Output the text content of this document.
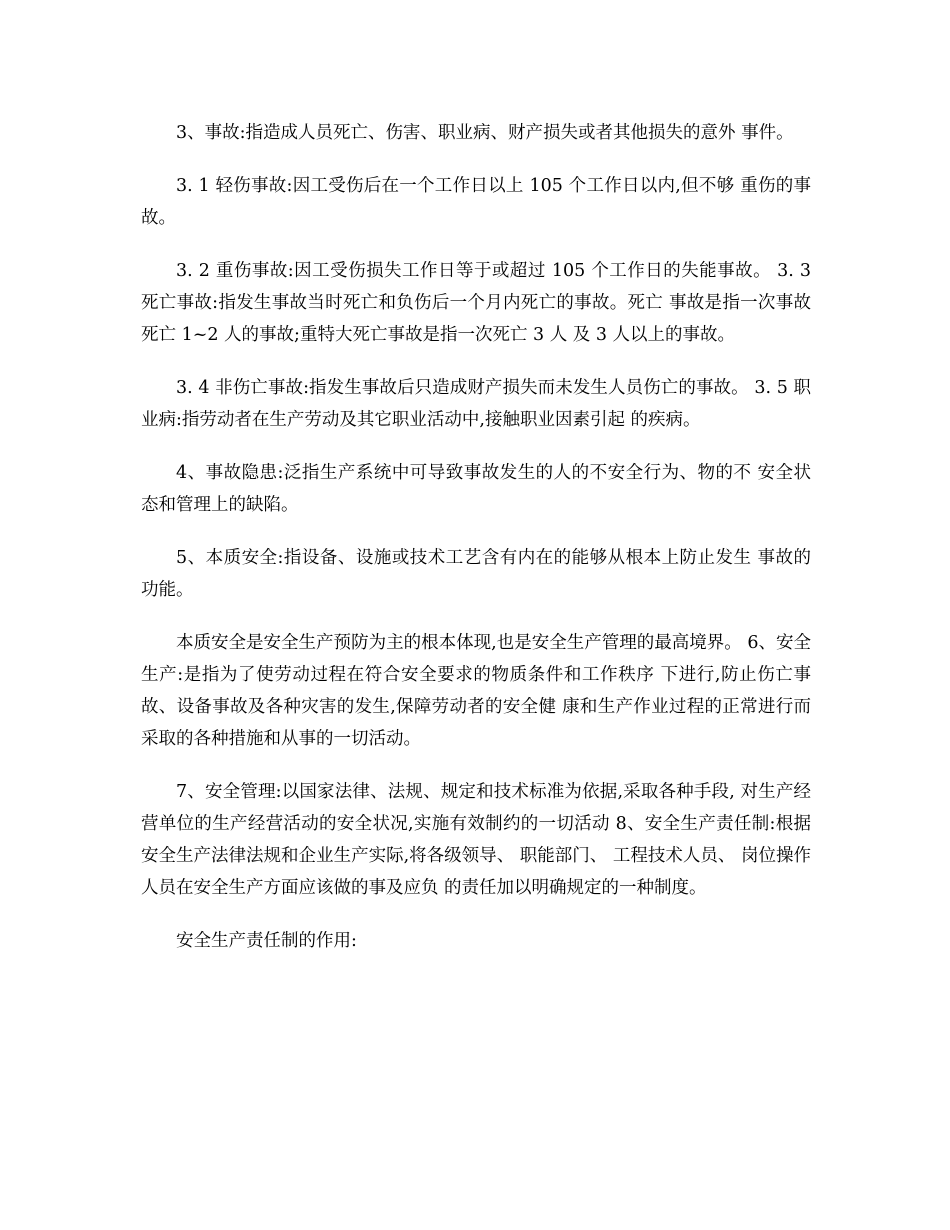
3、事故:指造成人员死亡、伤害、职业病、财产损失或者其他损失的意外 事件。

3. 1 轻伤事故:因工受伤后在一个工作日以上 105 个工作日以内,但不够 重伤的事故。

3. 2 重伤事故:因工受伤损失工作日等于或超过 105 个工作日的失能事故。 3. 3 死亡事故:指发生事故当时死亡和负伤后一个月内死亡的事故。死亡 事故是指一次事故死亡 1~2 人的事故;重特大死亡事故是指一次死亡 3 人 及 3 人以上的事故。

3. 4 非伤亡事故:指发生事故后只造成财产损失而未发生人员伤亡的事故。 3. 5 职业病:指劳动者在生产劳动及其它职业活动中,接触职业因素引起 的疾病。

4、事故隐患:泛指生产系统中可导致事故发生的人的不安全行为、物的不 安全状态和管理上的缺陷。

5、本质安全:指设备、设施或技术工艺含有内在的能够从根本上防止发生 事故的功能。

本质安全是安全生产预防为主的根本体现,也是安全生产管理的最高境界。 6、安全生产:是指为了使劳动过程在符合安全要求的物质条件和工作秩序 下进行,防止伤亡事故、设备事故及各种灾害的发生,保障劳动者的安全健 康和生产作业过程的正常进行而采取的各种措施和从事的一切活动。

7、安全管理:以国家法律、法规、规定和技术标准为依据,采取各种手段, 对生产经营单位的生产经营活动的安全状况,实施有效制约的一切活动 8、安全生产责任制:根据安全生产法律法规和企业生产实际,将各级领导、 职能部门、 工程技术人员、 岗位操作人员在安全生产方面应该做的事及应负 的责任加以明确规定的一种制度。

安全生产责任制的作用:
